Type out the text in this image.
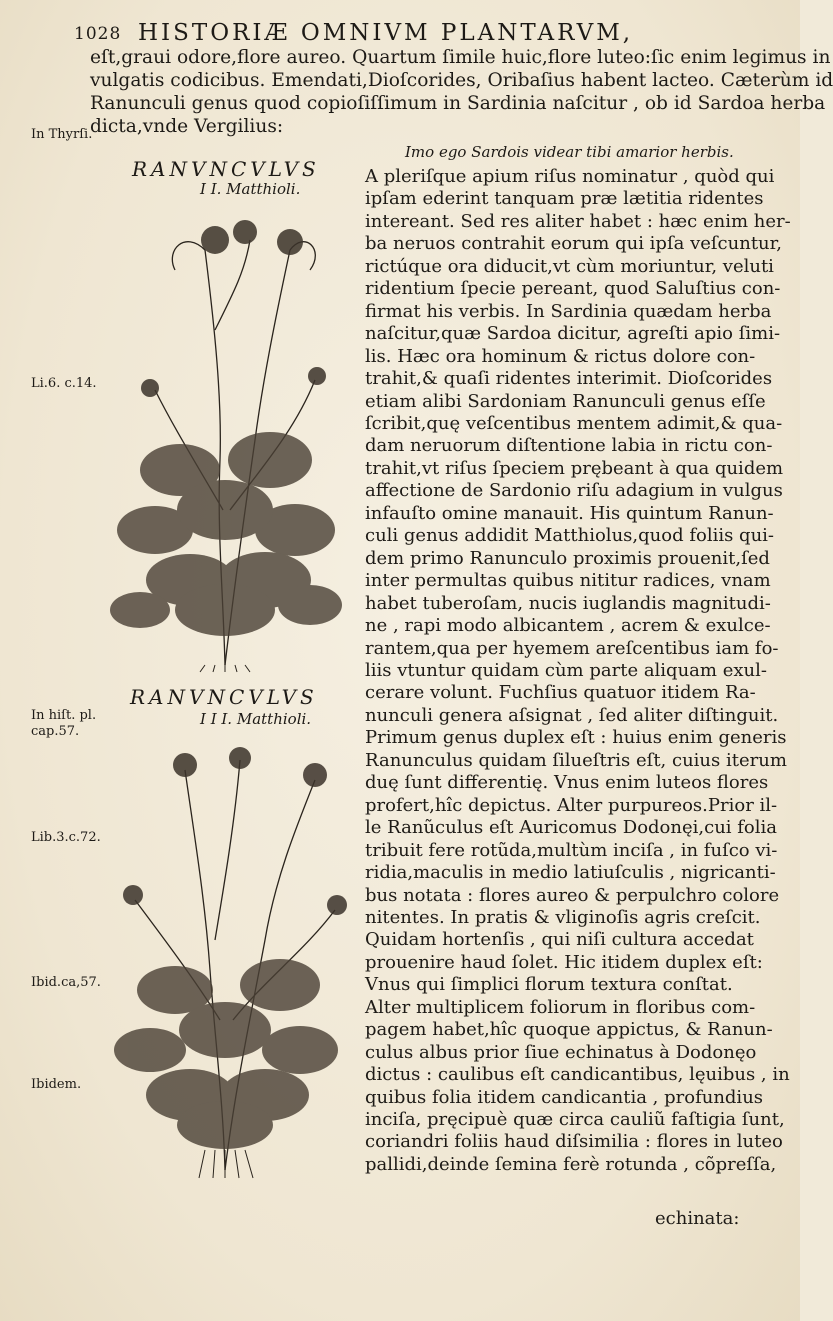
1028 HISTORIÆ OMNIVM PLANTARVM,
eſt,graui odore,flore aureo. Quartum ſimile huic,flore luteo:ſic enim legimus in
vulgatis codicibus. Emendati,Dioſcorides, Oribaſius habent lacteo. Cæterùm id
Ranunculi genus quod copioſiſſimum in Sardinia naſcitur , ob id Sardoa herba
dicta,vnde Vergilius:
In Thyrſi.
Li.6. c.14.
In hiſt. pl.
cap.57.
Lib.3.c.72.
Ibid.ca,57.
Ibidem.
RANVNCVLVS
I I. Matthioli.
RANVNCVLVS
I I I. Matthioli.
Imo ego Sardois videar tibi amarior herbis.
A pleriſque apium riſus nominatur , quòd qui
ipſam ederint tanquam præ lætitia ridentes
intereant. Sed res aliter habet : hæc enim her-
ba neruos contrahit eorum qui ipſa veſcuntur,
rictúque ora diducit,vt cùm moriuntur, veluti
ridentium ſpecie pereant, quod Saluſtius con-
firmat his verbis. In Sardinia quædam herba
naſcitur,quæ Sardoa dicitur, agreſti apio ſimi-
lis. Hæc ora hominum & rictus dolore con-
trahit,& quaſi ridentes interimit. Dioſcorides
etiam alibi Sardoniam Ranunculi genus eſſe
ſcribit,quę veſcentibus mentem adimit,& qua-
dam neruorum diſtentione labia in rictu con-
trahit,vt riſus ſpeciem prębeant à qua quidem
affectione de Sardonio riſu adagium in vulgus
infauſto omine manauit. His quintum Ranun-
culi genus addidit Matthiolus,quod foliis qui-
dem primo Ranunculo proximis prouenit,ſed
inter permultas quibus nititur radices, vnam
habet tuberoſam, nucis iuglandis magnitudi-
ne , rapi modo albicantem , acrem & exulce-
rantem,qua per hyemem areſcentibus iam fo-
liis vtuntur quidam cùm parte aliquam exul-
cerare volunt. Fuchſius quatuor itidem Ra-
nunculi genera aſsignat , ſed aliter diſtinguit.
Primum genus duplex eſt : huius enim generis
Ranunculus quidam ſilueſtris eſt, cuius iterum
duę ſunt differentię. Vnus enim luteos flores
profert,hîc depictus. Alter purpureos.Prior il-
le Ranũculus eſt Auricomus Dodonęi,cui folia
tribuit fere rotũda,multùm inciſa , in fuſco vi-
ridia,maculis in medio latiuſculis , nigricanti-
bus notata : flores aureo & perpulchro colore
nitentes. In pratis & vliginoſis agris creſcit.
Quidam hortenſis , qui niſi cultura accedat
prouenire haud ſolet. Hic itidem duplex eſt:
Vnus qui ſimplici florum textura conſtat.
Alter multiplicem foliorum in floribus com-
pagem habet,hîc quoque appictus, & Ranun-
culus albus prior ſiue echinatus à Dodonęo
dictus : caulibus eſt candicantibus, lęuibus , in
quibus folia itidem candicantia , profundius
inciſa, pręcipuè quæ circa cauliũ faſtigia ſunt,
coriandri foliis haud diſsimilia : flores in luteo
pallidi,deinde ſemina ferè rotunda , cõpreſſa,
echinata:
